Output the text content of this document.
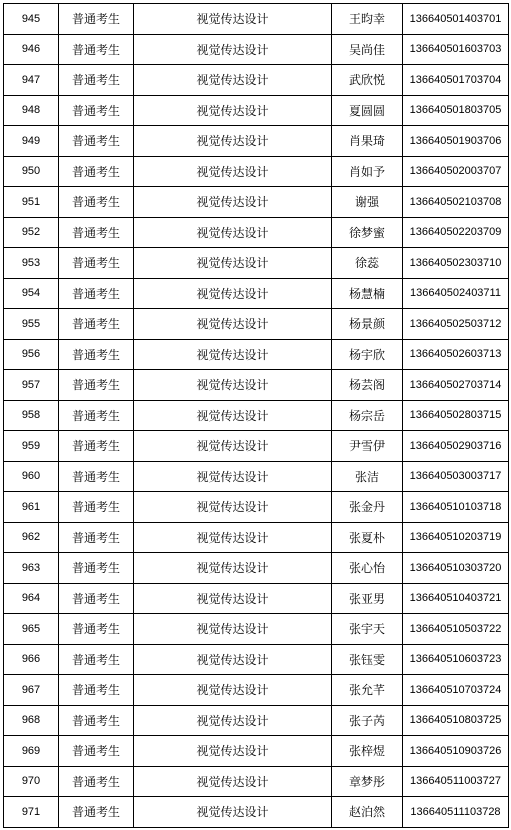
945	普通考生	视觉传达设计	王昀幸	136640501403701
946	普通考生	视觉传达设计	吴尚佳	136640501603703
947	普通考生	视觉传达设计	武欣悦	136640501703704
948	普通考生	视觉传达设计	夏圆圆	136640501803705
949	普通考生	视觉传达设计	肖果琦	136640501903706
950	普通考生	视觉传达设计	肖如予	136640502003707
951	普通考生	视觉传达设计	谢强	136640502103708
952	普通考生	视觉传达设计	徐梦蜜	136640502203709
953	普通考生	视觉传达设计	徐蕊	136640502303710
954	普通考生	视觉传达设计	杨慧楠	136640502403711
955	普通考生	视觉传达设计	杨景颜	136640502503712
956	普通考生	视觉传达设计	杨宇欣	136640502603713
957	普通考生	视觉传达设计	杨芸阁	136640502703714
958	普通考生	视觉传达设计	杨宗岳	136640502803715
959	普通考生	视觉传达设计	尹雪伊	136640502903716
960	普通考生	视觉传达设计	张洁	136640503003717
961	普通考生	视觉传达设计	张金丹	136640510103718
962	普通考生	视觉传达设计	张夏朴	136640510203719
963	普通考生	视觉传达设计	张心怡	136640510303720
964	普通考生	视觉传达设计	张亚男	136640510403721
965	普通考生	视觉传达设计	张宇天	136640510503722
966	普通考生	视觉传达设计	张钰雯	136640510603723
967	普通考生	视觉传达设计	张允芊	136640510703724
968	普通考生	视觉传达设计	张子芮	136640510803725
969	普通考生	视觉传达设计	张梓煜	136640510903726
970	普通考生	视觉传达设计	章梦彤	136640511003727
971	普通考生	视觉传达设计	赵泊然	136640511103728
